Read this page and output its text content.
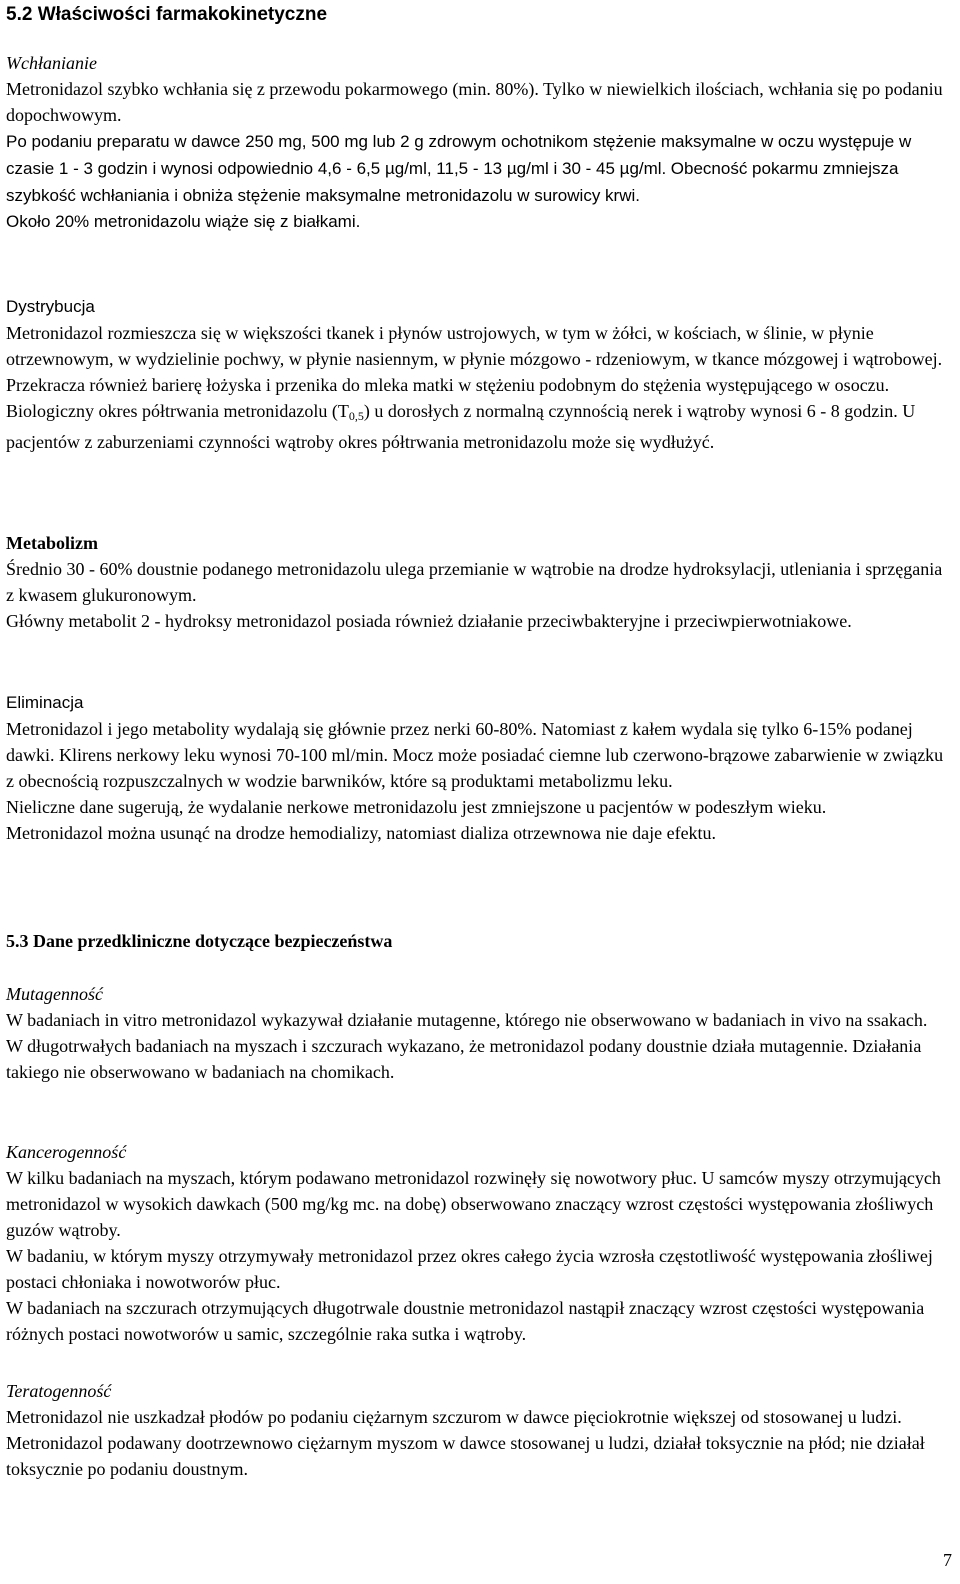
5.2 Właściwości farmakokinetyczne
Wchłanianie

Metronidazol szybko wchłania się z przewodu pokarmowego (min. 80%). Tylko w niewielkich ilościach, wchłania się po podaniu dopochwowym.

Po podaniu preparatu w dawce 250 mg, 500 mg lub 2 g zdrowym ochotnikom stężenie maksymalne w oczu występuje w czasie 1 - 3 godzin i wynosi odpowiednio 4,6 - 6,5 µg/ml, 11,5 - 13 µg/ml i 30 - 45 µg/ml. Obecność pokarmu zmniejsza szybkość wchłaniania i obniża stężenie maksymalne metronidazolu w surowicy krwi.

Około 20% metronidazolu wiąże się z białkami.

Dystrybucja

Metronidazol rozmieszcza się w większości tkanek i płynów ustrojowych, w tym w żółci, w kościach, w ślinie, w płynie otrzewnowym, w wydzielinie pochwy, w płynie nasiennym, w płynie mózgowo - rdzeniowym, w tkance mózgowej i wątrobowej. Przekracza również barierę łożyska i przenika do mleka matki w stężeniu podobnym do stężenia występującego w osoczu.

Biologiczny okres półtrwania metronidazolu $(T_{0,5})$ u dorosłych z normalną czynnością nerek i wątroby wynosi 6 - 8 godzin. U pacjentów z zaburzeniami czynności wątroby okres półtrwania metronidazolu może się wydłużyć.

Metabolizm

Średnio 30 - 60% doustnie podanego metronidazolu ulega przemianie w wątrobie na drodze hydroksylacji, utleniania i sprzęgania z kwasem glukuronowym.

Główny metabolit 2 - hydroksy metronidazol posiada również działanie przeciwbakteryjne i przeciwpierwotniakowe.

Eliminacja

Metronidazol i jego metabolity wydalają się głównie przez nerki 60-80%. Natomiast z kałem wydala się tylko 6-15% podanej dawki. Klirens nerkowy leku wynosi 70-100 ml/min. Mocz może posiadać ciemne lub czerwono-brązowe zabarwienie w związku z obecnością rozpuszczalnych w wodzie barwników, które są produktami metabolizmu leku.

Nieliczne dane sugerują, że wydalanie nerkowe metronidazolu jest zmniejszone u pacjentów w podeszłym wieku.

Metronidazol można usunąć na drodze hemodializy, natomiast dializa otrzewnowa nie daje efektu.

5.3 Dane przedkliniczne dotyczące bezpieczeństwa
Mutagenność

W badaniach in vitro metronidazol wykazywał działanie mutagenne, którego nie obserwowano w badaniach in vivo na ssakach.

W długotrwałych badaniach na myszach i szczurach wykazano, że metronidazol podany doustnie działa mutagennie. Działania takiego nie obserwowano w badaniach na chomikach.

Kancerogenność

W kilku badaniach na myszach, którym podawano metronidazol rozwinęły się nowotwory płuc. U samców myszy otrzymujących metronidazol w wysokich dawkach (500 mg/kg mc. na dobę) obserwowano znaczący wzrost częstości występowania złośliwych guzów wątroby.

W badaniu, w którym myszy otrzymywały metronidazol przez okres całego życia wzrosła częstotliwość występowania złośliwej postaci chłoniaka i nowotworów płuc.

W badaniach na szczurach otrzymujących długotrwale doustnie metronidazol nastąpił znaczący wzrost częstości występowania różnych postaci nowotworów u samic, szczególnie raka sutka i wątroby.

Teratogenność

Metronidazol nie uszkadzał płodów po podaniu ciężarnym szczurom w dawce pięciokrotnie większej od stosowanej u ludzi.

Metronidazol podawany dootrzewnowo ciężarnym myszom w dawce stosowanej u ludzi, działał toksycznie na płód; nie działał toksycznie po podaniu doustnym.

7
